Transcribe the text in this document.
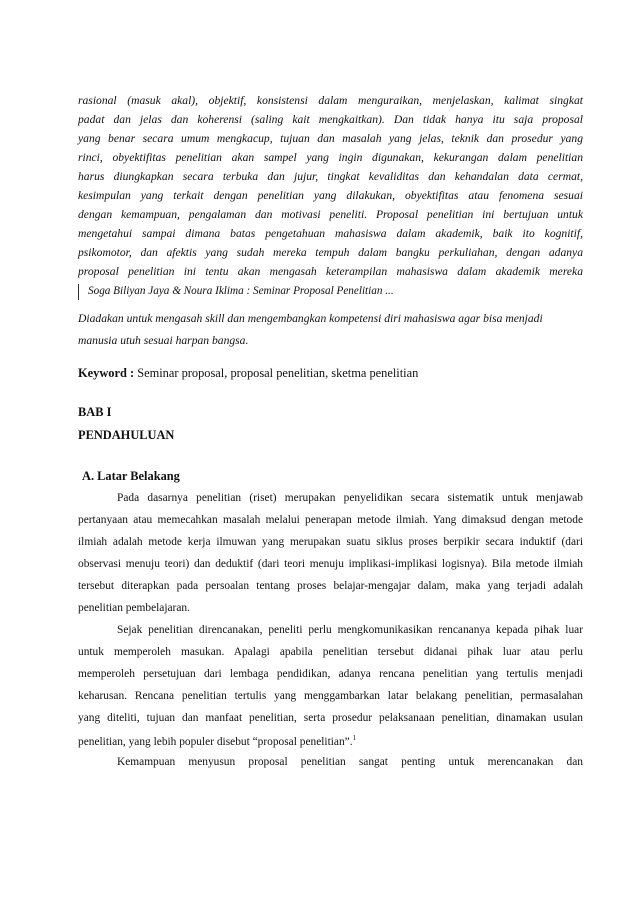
rasional (masuk akal), objektif, konsistensi dalam menguraikan, menjelaskan, kalimat singkat
padat dan jelas dan koherensi (saling kait mengkaitkan). Dan tidak hanya itu saja proposal
yang benar secara umum mengkacup, tujuan dan masalah yang jelas, teknik dan prosedur yang
rinci, obyektifitas penelitian akan sampel yang ingin digunakan, kekurangan dalam penelitian
harus diungkapkan secara terbuka dan jujur, tingkat kevaliditas dan kehandalan data cermat,
kesimpulan yang terkait dengan penelitian yang dilakukan, obyektifitas atau fenomena sesuai
dengan kemampuan, pengalaman dan motivasi peneliti. Proposal penelitian ini bertujuan untuk
mengetahui sampai dimana batas pengetahuan mahasiswa dalam akademik, baik ito kognitif,
psikomotor, dan afektis yang sudah mereka tempuh dalam bangku perkuliahan, dengan adanya
proposal penelitian ini tentu akan mengasah keterampilan mahasiswa dalam akademik mereka
Soga Biliyan Jaya & Noura Iklima : Seminar Proposal Penelitian ...
Diadakan untuk mengasah skill dan mengembangkan kompetensi diri mahasiswa agar bisa menjadi
manusia utuh sesuai harpan bangsa.
Keyword : Seminar proposal, proposal penelitian, sketma penelitian
BAB I
PENDAHULUAN
A. Latar Belakang
Pada dasarnya penelitian (riset) merupakan penyelidikan secara sistematik untuk menjawab
pertanyaan atau memecahkan masalah melalui penerapan metode ilmiah. Yang dimaksud dengan metode
ilmiah adalah metode kerja ilmuwan yang merupakan suatu siklus proses berpikir secara induktif (dari
observasi menuju teori) dan deduktif (dari teori menuju implikasi-implikasi logisnya). Bila metode ilmiah
tersebut diterapkan pada persoalan tentang proses belajar-mengajar dalam, maka yang terjadi adalah
penelitian pembelajaran.
Sejak penelitian direncanakan, peneliti perlu mengkomunikasikan rencananya kepada pihak luar
untuk memperoleh masukan. Apalagi apabila penelitian tersebut didanai pihak luar atau perlu
memperoleh persetujuan dari lembaga pendidikan, adanya rencana penelitian yang tertulis menjadi
keharusan. Rencana penelitian tertulis yang menggambarkan latar belakang penelitian, permasalahan
yang diteliti, tujuan dan manfaat penelitian, serta prosedur pelaksanaan penelitian, dinamakan usulan
penelitian, yang lebih populer disebut “proposal penelitian”.$^1$
Kemampuan menyusun proposal penelitian sangat penting untuk merencanakan dan
